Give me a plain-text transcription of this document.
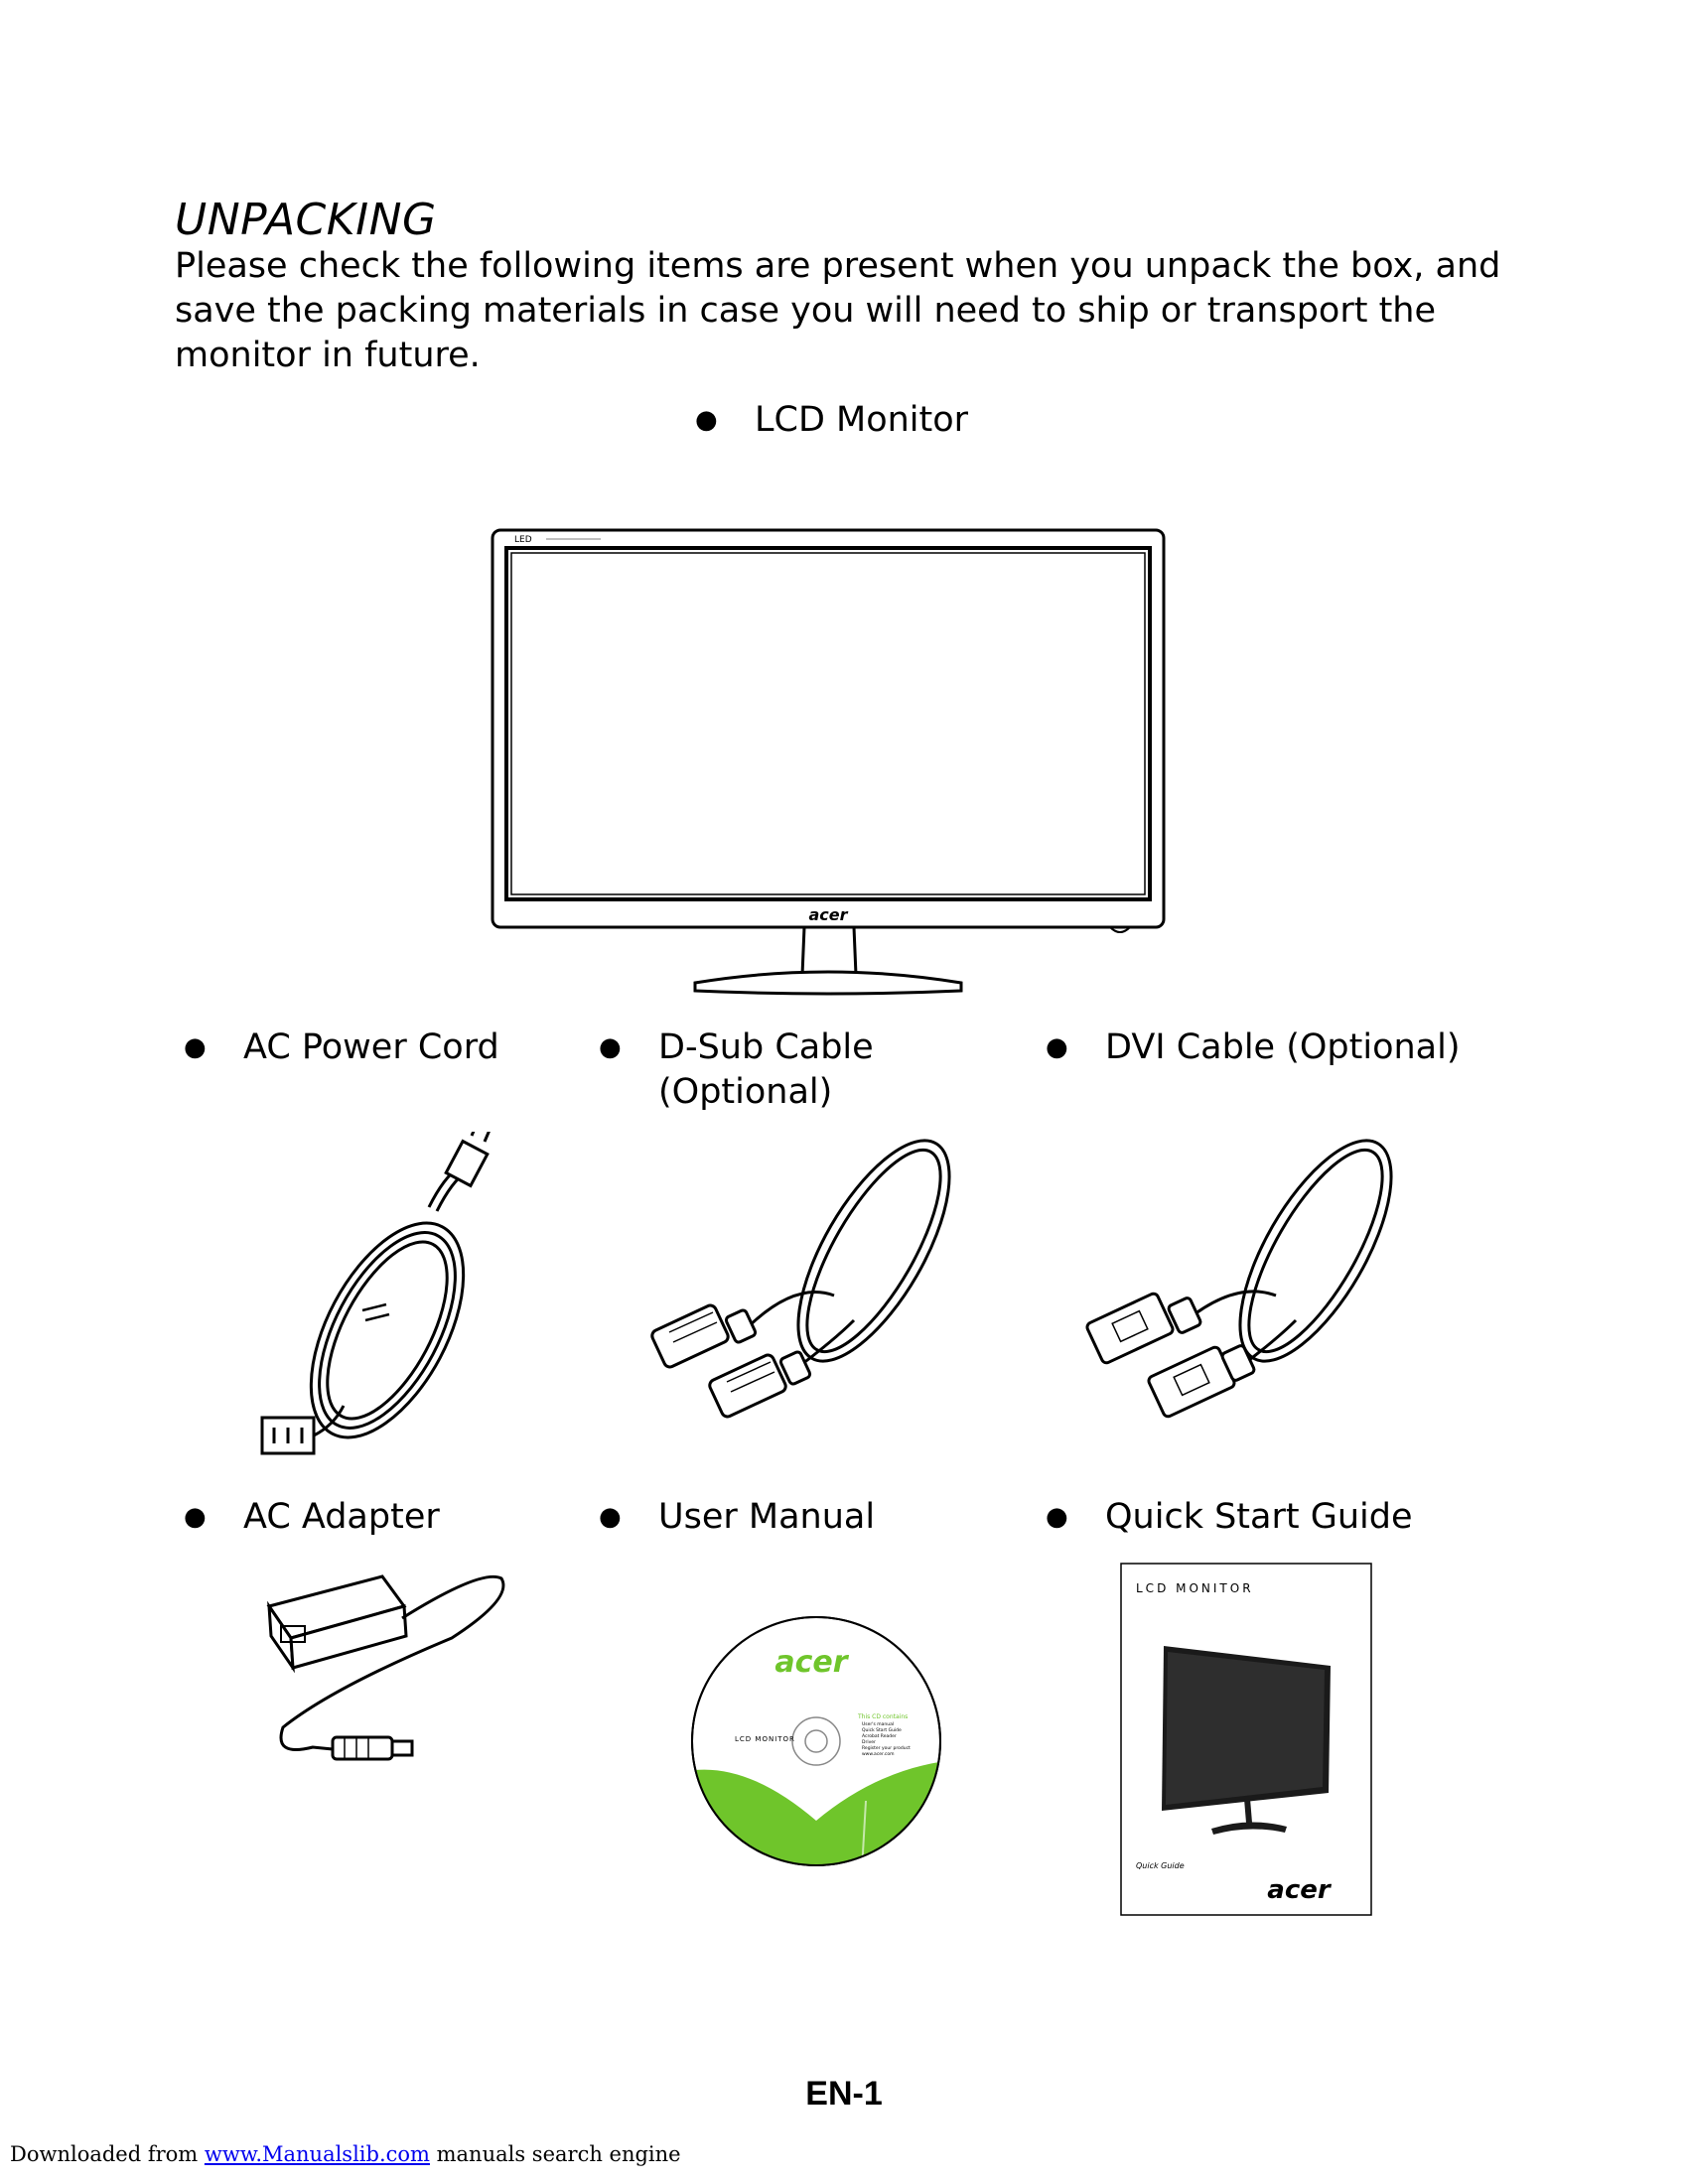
UNPACKING

Please check the following items are present when you unpack the box, and save the packing materials in case you will need to ship or transport the monitor in future.

●	LCD Monitor
LED
acer
●	AC Power Cord	●	D-Sub Cable
(Optional)
●	DVI Cable (Optional)
●	AC Adapter	●	User Manual	●	Quick Start Guide
acer
LCD MONITOR
This CD contains
User's manual
Quick Start Guide
Acrobat Reader
Driver
Register your product
www.acer.com
LCD MONITOR
Quick Guide
acer
EN-1
Downloaded from www.Manualslib.com manuals search engine
